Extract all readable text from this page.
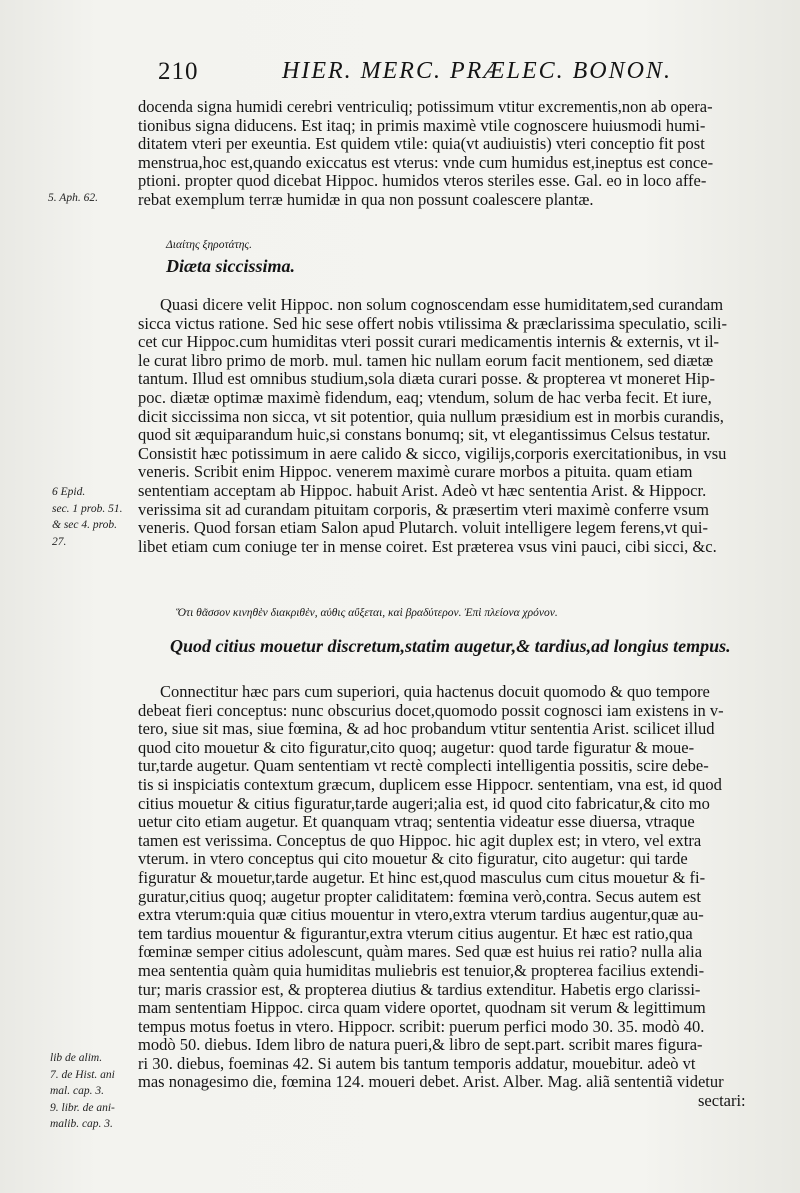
210	HIER. MERC. PRÆLEC. BONON.
docenda signa humidi cerebri ventriculiq; potissimum vtitur excrementis,non ab opera-
tionibus signa diducens. Est itaq; in primis maximè vtile cognoscere huiusmodi humi-
ditatem vteri per exeuntia. Est quidem vtile: quia(vt audiuistis) vteri conceptio fit post
menstrua,hoc est,quando exiccatus est vterus: vnde cum humidus est,ineptus est conce-
ptioni. propter quod dicebat Hippoc. humidos vteros steriles esse. Gal. eo in loco affe-
rebat exemplum terræ humidæ in qua non possunt coalescere plantæ.
Διαίτης ξηροτάτης.
Diæta siccissima.
Quasi dicere velit Hippoc. non solum cognoscendam esse humiditatem,sed curandam
sicca victus ratione. Sed hic sese offert nobis vtilissima & præclarissima speculatio, scili-
cet cur Hippoc.cum humiditas vteri possit curari medicamentis internis & externis, vt il-
le curat libro primo de morb. mul. tamen hic nullam eorum facit mentionem, sed diætæ
tantum. Illud est omnibus studium,sola diæta curari posse. & propterea vt moneret Hip-
poc. diætæ optimæ maximè fidendum, eaq; vtendum, solum de hac verba fecit. Et iure,
dicit siccissima non sicca, vt sit potentior, quia nullum præsidium est in morbis curandis,
quod sit æquiparandum huic,si constans bonumq; sit, vt elegantissimus Celsus testatur.
Consistit hæc potissimum in aere calido & sicco, vigilijs,corporis exercitationibus, in vsu
veneris. Scribit enim Hippoc. venerem maximè curare morbos a pituita. quam etiam
sententiam acceptam ab Hippoc. habuit Arist. Adeò vt hæc sententia Arist. & Hippocr.
verissima sit ad curandam pituitam corporis, & præsertim vteri maximè conferre vsum
veneris. Quod forsan etiam Salon apud Plutarch. voluit intelligere legem ferens,vt qui-
libet etiam cum coniuge ter in mense coiret. Est præterea vsus vini pauci, cibi sicci, &c.
Ὅτι θᾶσσον κινηθὲν διακριθὲν, αὐθις αὔξεται, καὶ βραδύτερον. Ἐπὶ πλείονα χρόνον.
Quod citius mouetur discretum,statim augetur,& tardius,ad longius tempus.
Connectitur hæc pars cum superiori, quia hactenus docuit quomodo & quo tempore
debeat fieri conceptus: nunc obscurius docet,quomodo possit cognosci iam existens in v-
tero, siue sit mas, siue fœmina, & ad hoc probandum vtitur sententia Arist. scilicet illud
quod cito mouetur & cito figuratur,cito quoq; augetur: quod tarde figuratur & moue-
tur,tarde augetur. Quam sententiam vt rectè complecti intelligentia possitis, scire debe-
tis si inspiciatis contextum græcum, duplicem esse Hippocr. sententiam, vna est, id quod
citius mouetur & citius figuratur,tarde augeri;alia est, id quod cito fabricatur,& cito mo
uetur cito etiam augetur. Et quanquam vtraq; sententia videatur esse diuersa, vtraque
tamen est verissima. Conceptus de quo Hippoc. hic agit duplex est; in vtero, vel extra
vterum. in vtero conceptus qui cito mouetur & cito figuratur, cito augetur: qui tarde
figuratur & mouetur,tarde augetur. Et hinc est,quod masculus cum citus mouetur & fi-
guratur,citius quoq; augetur propter caliditatem: fœmina verò,contra. Secus autem est
extra vterum:quia quæ citius mouentur in vtero,extra vterum tardius augentur,quæ au-
tem tardius mouentur & figurantur,extra vterum citius augentur. Et hæc est ratio,qua
fœminæ semper citius adolescunt, quàm mares. Sed quæ est huius rei ratio? nulla alia
mea sententia quàm quia humiditas muliebris est tenuior,& propterea facilius extendi-
tur; maris crassior est, & propterea diutius & tardius extenditur. Habetis ergo clarissi-
mam sententiam Hippoc. circa quam videre oportet, quodnam sit verum & legittimum
tempus motus foetus in vtero. Hippocr. scribit: puerum perfici modo 30. 35. modò 40.
modò 50. diebus. Idem libro de natura pueri,& libro de sept.part. scribit mares figura-
ri 30. diebus, foeminas 42. Si autem bis tantum temporis addatur, mouebitur. adeò vt
mas nonagesimo die, fœmina 124. moueri debet. Arist. Alber. Mag. aliã sententiã videtur
sectari:
5. Aph. 62.
6 Epid.
sec. 1 prob. 51.
& sec 4. prob.
27.
lib de alim.
7. de Hist. ani
mal. cap. 3.
9. libr. de ani-
malib. cap. 3.
